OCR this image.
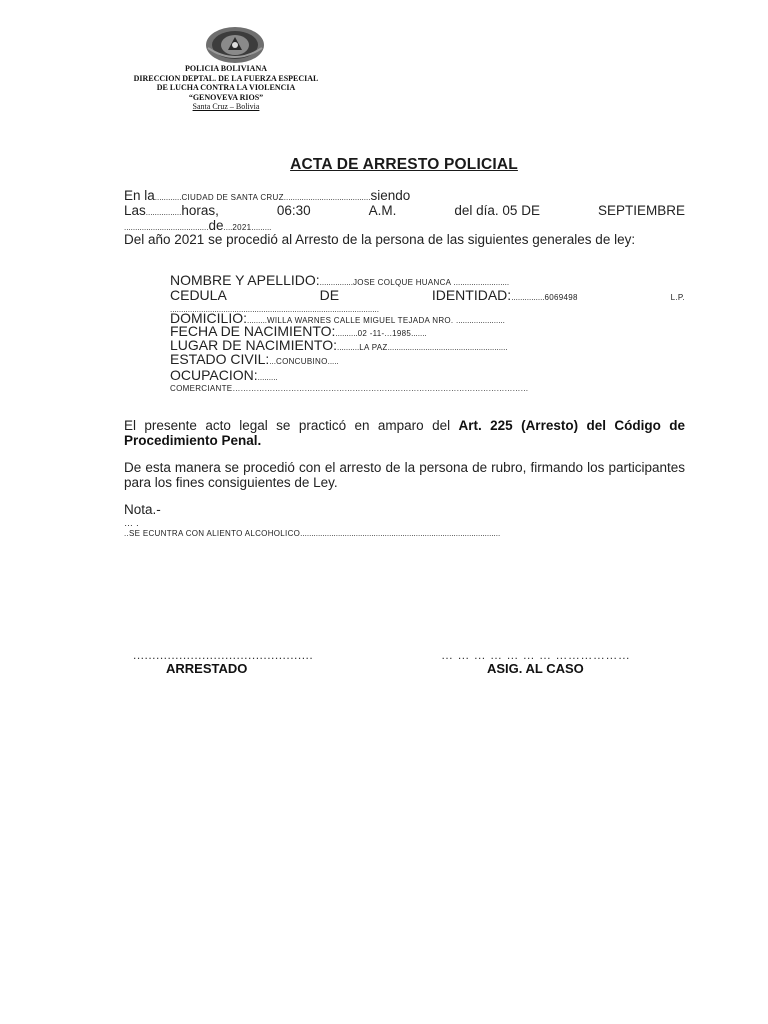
POLICIA BOLIVIANA
DIRECCION DEPTAL. DE LA FUERZA ESPECIAL
DE LUCHA CONTRA LA VIOLENCIA
“GENOVEVA RIOS”
Santa Cruz – Bolivia
ACTA DE ARRESTO POLICIAL
En la............CIUDAD DE SANTA CRUZ.......................................siendo
Las................horas,	06:30	A.M.	del día. 05 DE	SEPTIEMBRE
......................................de....2021.........
Del año 2021 se procedió al Arresto de la persona de las siguientes generales de ley:
NOMBRE Y APELLIDO:...............JOSE COLQUE HUANCA .........................
CEDULA	DE	IDENTIDAD:...............6069498	L.P.
..............................................................................................
DOMICILIO:.........WILLA WARNES CALLE MIGUEL TEJADA NRO. ......................
FECHA DE NACIMIENTO:..........02 -11-...1985.......
LUGAR DE NACIMIENTO:..........LA PAZ......................................................
ESTADO CIVIL:...CONCUBINO.....
OCUPACION:.........
COMERCIANTE…………………………………………………………………………………………………
El presente acto legal se practicó en amparo del Art. 225 (Arresto) del Código de Procedimiento Penal.
De esta manera se procedió con el arresto de la persona de rubro, firmando los participantes para los fines consiguientes de Ley.
Nota.-
… .
..SE ECUNTRA CON ALIENTO ALCOHOLICO..........................................................................................
...............................................
ARRESTADO
… … … … … … … ………………
ASIG. AL CASO
